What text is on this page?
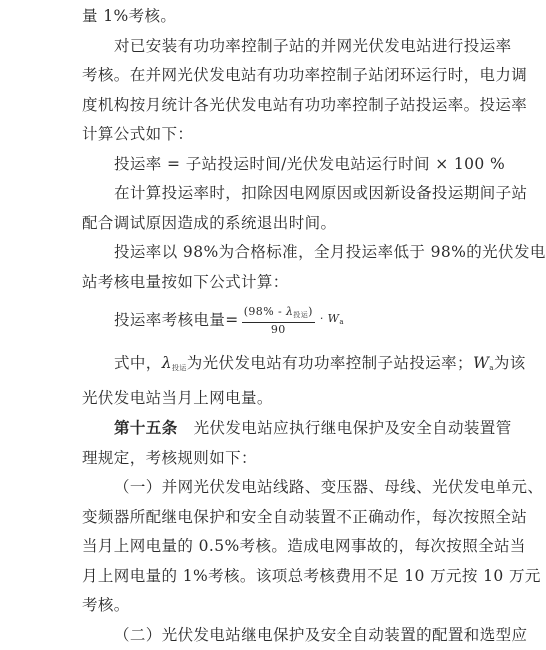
量 1%考核。
对已安装有功功率控制子站的并网光伏发电站进行投运率
考核。在并网光伏发电站有功功率控制子站闭环运行时，电力调
度机构按月统计各光伏发电站有功功率控制子站投运率。投运率
计算公式如下：
投运率 = 子站投运时间/光伏发电站运行时间 × 100 %
在计算投运率时，扣除因电网原因或因新设备投运期间子站
配合调试原因造成的系统退出时间。
投运率以 98%为合格标准，全月投运率低于 98%的光伏发电
站考核电量按如下公式计算：
投运率考核电量= $\frac{(98\% - \lambda_{投运})}{90} \cdot W_a$
式中，$\lambda_{投运}$为光伏发电站有功功率控制子站投运率；$W_a$为该
光伏发电站当月上网电量。
第十五条 光伏发电站应执行继电保护及安全自动装置管
理规定，考核规则如下：
（一）并网光伏发电站线路、变压器、母线、光伏发电单元、
变频器所配继电保护和安全自动装置不正确动作，每次按照全站
当月上网电量的 0.5%考核。造成电网事故的，每次按照全站当
月上网电量的 1%考核。该项总考核费用不足 10 万元按 10 万元
考核。
（二）光伏发电站继电保护及安全自动装置的配置和选型应
